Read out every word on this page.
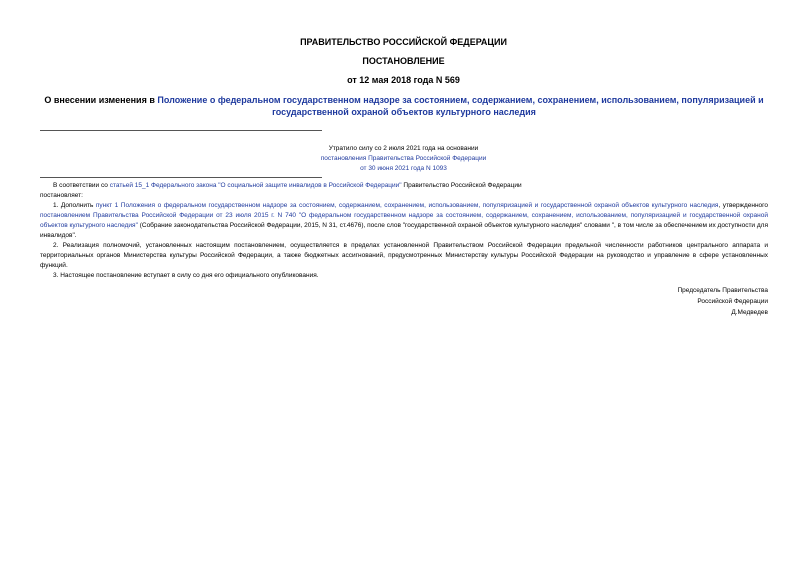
ПРАВИТЕЛЬСТВО РОССИЙСКОЙ ФЕДЕРАЦИИ
ПОСТАНОВЛЕНИЕ
от 12 мая 2018 года N 569
О внесении изменения в Положение о федеральном государственном надзоре за состоянием, содержанием, сохранением, использованием, популяризацией и государственной охраной объектов культурного наследия
Утратило силу со 2 июля 2021 года на основании
постановления Правительства Российской Федерации
от 30 июня 2021 года N 1093

В соответствии со статьей 15_1 Федерального закона "О социальной защите инвалидов в Российской Федерации" Правительство Российской Федерации

постановляет:

1. Дополнить пункт 1 Положения о федеральном государственном надзоре за состоянием, содержанием, сохранением, использованием, популяризацией и государственной охраной объектов культурного наследия, утвержденного постановлением Правительства Российской Федерации от 23 июля 2015 г. N 740 "О федеральном государственном надзоре за состоянием, содержанием, сохранением, использованием, популяризацией и государственной охраной объектов культурного наследия" (Собрание законодательства Российской Федерации, 2015, N 31, ст.4676), после слов "государственной охраной объектов культурного наследия" словами ", в том числе за обеспечением их доступности для инвалидов".

2. Реализация полномочий, установленных настоящим постановлением, осуществляется в пределах установленной Правительством Российской Федерации предельной численности работников центрального аппарата и территориальных органов Министерства культуры Российской Федерации, а также бюджетных ассигнований, предусмотренных Министерству культуры Российской Федерации на руководство и управление в сфере установленных функций.

3. Настоящее постановление вступает в силу со дня его официального опубликования.

Председатель Правительства
Российской Федерации
Д.Медведев
